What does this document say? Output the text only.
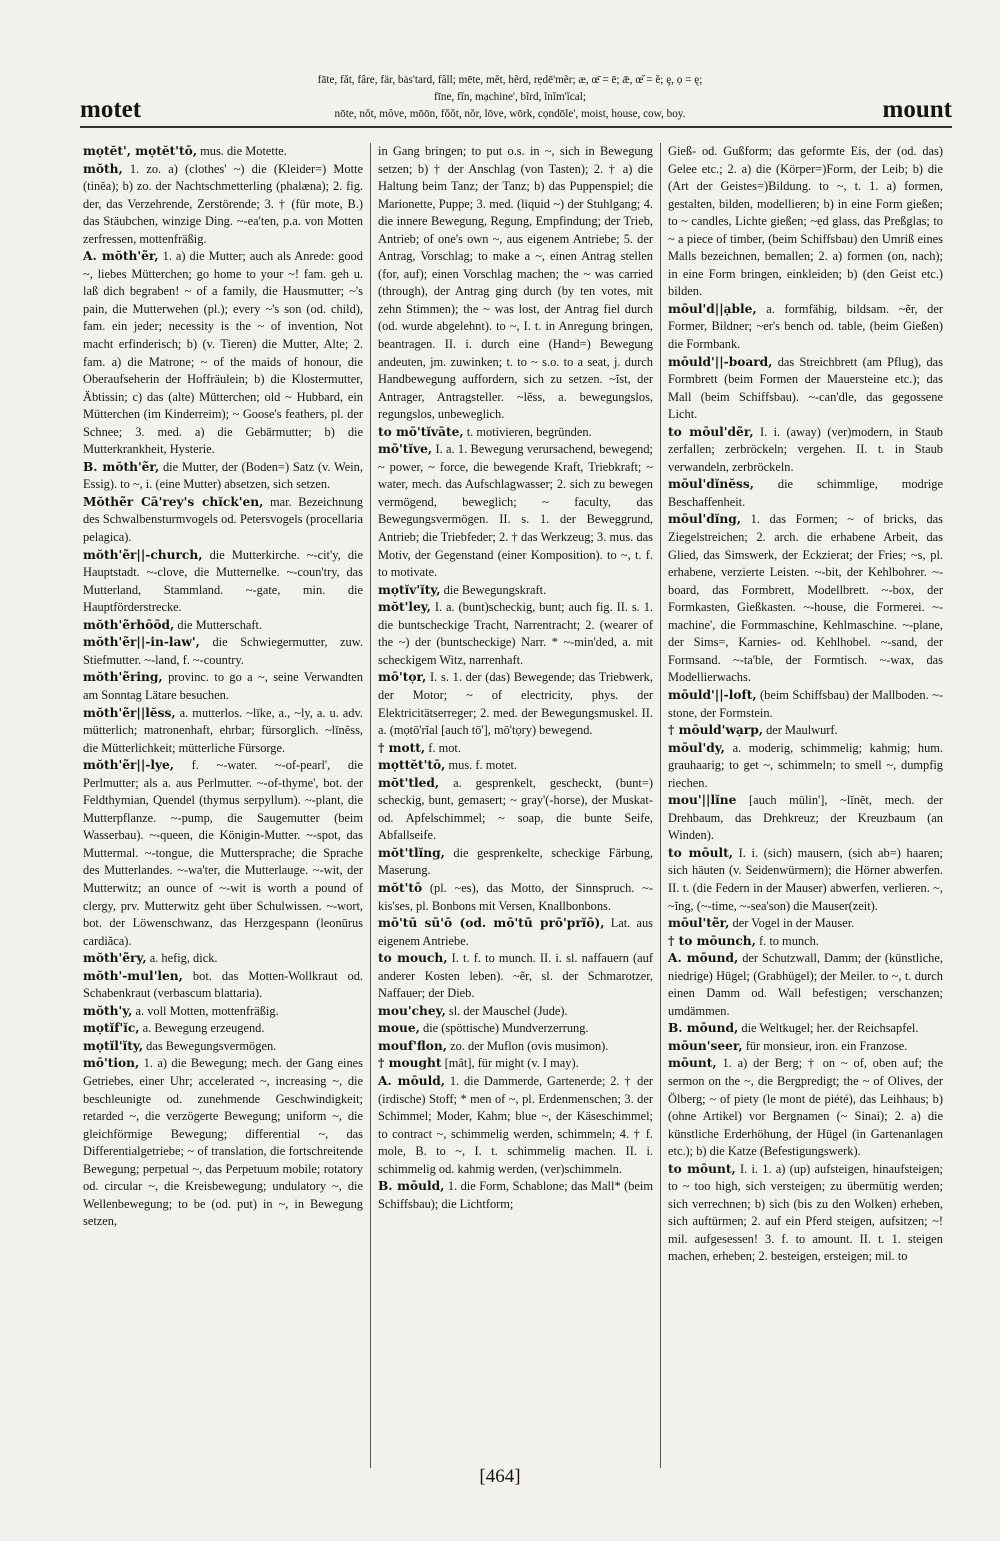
motet
fāte, făt, fâre, fär, bȧs'tard, fâll; mēte, mĕt, hẽrd, rẹdē'mẽr; æ, œ̄ = ē; ǣ, œ̆ = ĕ; ȩ, ọ = ę;
fīne, fĭn, mạchine', bĩrd, ĭnĭm'ĭcal;
nōte, nŏt, môve, mōōn, fŏŏt, nŏr, lōve, wōrk, cọndōle', moist, house, cow, boy.	mount

mọtĕt', mọtĕt'tō, mus. die Motette.

mŏth, 1. zo. a) (clothes' ~) die (Kleider=) Motte (tinĕa); b) zo. der Nachtschmetterling (phalæna); 2. fig. der, das Verzehrende, Zerstörende; 3. † (für mote, B.) das Stäubchen, winzige Ding. ~-ea'ten, p.a. von Motten zerfressen, mottenfräßig.

A. mŏth'ẽr, 1. a) die Mutter; auch als Anrede: good ~, liebes Mütterchen; go home to your ~! fam. geh u. laß dich begraben! ~ of a family, die Hausmutter; ~'s pain, die Mutterwehen (pl.); every ~'s son (od. child), fam. ein jeder; necessity is the ~ of invention, Not macht erfinderisch; b) (v. Tieren) die Mutter, Alte; 2. fam. a) die Matrone; ~ of the maids of honour, die Oberaufseherin der Hoffräulein; b) die Klostermutter, Äbtissin; c) das (alte) Mütterchen; old ~ Hubbard, ein Mütterchen (im Kinderreim); ~ Goose's feathers, pl. der Schnee; 3. med. a) die Gebärmutter; b) die Mutterkrankheit, Hysterie.

B. mŏth'ẽr, die Mutter, der (Boden=) Satz (v. Wein, Essig). to ~, i. (eine Mutter) absetzen, sich setzen.

Mŏthẽr Cā'rey's chĭck'en, mar. Bezeichnung des Schwalbensturmvogels od. Petersvogels (procellaria pelagica).

mŏth'ẽr||-church, die Mutterkirche. ~-cit'y, die Hauptstadt. ~-clove, die Mutternelke. ~-coun'try, das Mutterland, Stammland. ~-gate, min. die Hauptförderstrecke.

mŏth'ẽrhōōd, die Mutterschaft.

mŏth'ẽr||-in-law', die Schwiegermutter, zuw. Stiefmutter. ~-land, f. ~-country.

mŏth'ẽring, provinc. to go a ~, seine Verwandten am Sonntag Lätare besuchen.

mŏth'ẽr||lĕss, a. mutterlos. ~līke, a., ~ly, a. u. adv. mütterlich; matronenhaft, ehrbar; fürsorglich. ~līnĕss, die Mütterlichkeit; mütterliche Fürsorge.

mŏth'ẽr||-lye, f. ~-water. ~-of-pearl', die Perlmutter; als a. aus Perlmutter. ~-of-thyme', bot. der Feldthymian, Quendel (thymus serpyllum). ~-plant, die Mutterpflanze. ~-pump, die Saugemutter (beim Wasserbau). ~-queen, die Königin-Mutter. ~-spot, das Muttermal. ~-tongue, die Muttersprache; die Sprache des Mutterlandes. ~-wa'ter, die Mutterlauge. ~-wit, der Mutterwitz; an ounce of ~-wit is worth a pound of clergy, prv. Mutterwitz geht über Schulwissen. ~-wort, bot. der Löwenschwanz, das Herzgespann (leonūrus cardiăca).

mŏth'ẽry, a. hefig, dick.

mŏth'-mul'len, bot. das Motten-Wollkraut od. Schabenkraut (verbascum blattaria).

mŏth'y, a. voll Motten, mottenfräßig.

mọtĭf'ĭc, a. Bewegung erzeugend.

mọtĭl'ĭty, das Bewegungsvermögen.

mō'tion, 1. a) die Bewegung; mech. der Gang eines Getriebes, einer Uhr; accelerated ~, increasing ~, die beschleunigte od. zunehmende Geschwindigkeit; retarded ~, die verzögerte Bewegung; uniform ~, die gleichförmige Bewegung; differential ~, das Differentialgetriebe; ~ of translation, die fortschreitende Bewegung; perpetual ~, das Perpetuum mobile; rotatory od. circular ~, die Kreisbewegung; undulatory ~, die Wellenbewegung; to be (od. put) in ~, in Bewegung setzen,

in Gang bringen; to put o.s. in ~, sich in Bewegung setzen; b) † der Anschlag (von Tasten); 2. † a) die Haltung beim Tanz; der Tanz; b) das Puppenspiel; die Marionette, Puppe; 3. med. (liquid ~) der Stuhlgang; 4. die innere Bewegung, Regung, Empfindung; der Trieb, Antrieb; of one's own ~, aus eigenem Antriebe; 5. der Antrag, Vorschlag; to make a ~, einen Antrag stellen (for, auf); einen Vorschlag machen; the ~ was carried (through), der Antrag ging durch (by ten votes, mit zehn Stimmen); the ~ was lost, der Antrag fiel durch (od. wurde abgelehnt). to ~, I. t. in Anregung bringen, beantragen. II. i. durch eine (Hand=) Bewegung andeuten, jm. zuwinken; t. to ~ s.o. to a seat, j. durch Handbewegung auffordern, sich zu setzen. ~ĭst, der Antrager, Antragsteller. ~lĕss, a. bewegungslos, regungslos, unbeweglich.

to mō'tĭvāte, t. motivieren, begründen.

mō'tĭve, I. a. 1. Bewegung verursachend, bewegend; ~ power, ~ force, die bewegende Kraft, Triebkraft; ~ water, mech. das Aufschlagwasser; 2. sich zu bewegen vermögend, beweglich; ~ faculty, das Bewegungsvermögen. II. s. 1. der Beweggrund, Antrieb; die Triebfeder; 2. † das Werkzeug; 3. mus. das Motiv, der Gegenstand (einer Komposition). to ~, t. f. to motivate.

mọtĭv'ĭty, die Bewegungskraft.

mŏt'ley, I. a. (bunt)scheckig, bunt; auch fig. II. s. 1. die buntscheckige Tracht, Narrentracht; 2. (wearer of the ~) der (buntscheckige) Narr. * ~-min'ded, a. mit scheckigem Witz, narrenhaft.

mō'tọr, I. s. 1. der (das) Bewegende; das Triebwerk, der Motor; ~ of electricity, phys. der Elektricitätserreger; 2. med. der Bewegungsmuskel. II. a. (mọtō'rĭal [auch tō'], mō'tọry) bewegend.

† mott, f. mot.

mọttĕt'tō, mus. f. motet.

mŏt'tled, a. gesprenkelt, gescheckt, (bunt=) scheckig, bunt, gemasert; ~ gray'(-horse), der Muskat- od. Apfelschimmel; ~ soap, die bunte Seife, Abfallseife.

mŏt'tlĭng, die gesprenkelte, scheckige Färbung, Maserung.

mŏt'tō (pl. ~es), das Motto, der Sinnspruch. ~-kis'ses, pl. Bonbons mit Versen, Knallbonbons.

mō'tū sū'ō (od. mō'tū prō'prĭō), Lat. aus eigenem Antriebe.

to mouch, I. t. f. to munch. II. i. sl. naffauern (auf anderer Kosten leben). ~ẽr, sl. der Schmarotzer, Naffauer; der Dieb.

mou'chey, sl. der Mauschel (Jude).

moue, die (spöttische) Mundverzerrung.

mouf'flon, zo. der Muflon (ovis musimon).

† mought [mât], für might (v. I may).

A. mōuld, 1. die Dammerde, Gartenerde; 2. † der (irdische) Stoff; * men of ~, pl. Erdenmenschen; 3. der Schimmel; Moder, Kahm; blue ~, der Käseschimmel; to contract ~, schimmelig werden, schimmeln; 4. † f. mole, B. to ~, I. t. schimmelig machen. II. i. schimmelig od. kahmig werden, (ver)schimmeln.

B. mōuld, 1. die Form, Schablone; das Mall* (beim Schiffsbau); die Lichtform;

Gieß- od. Gußform; das geformte Eis, der (od. das) Gelee etc.; 2. a) die (Körper=)Form, der Leib; b) die (Art der Geistes=)Bildung. to ~, t. 1. a) formen, gestalten, bilden, modellieren; b) in eine Form gießen; to ~ candles, Lichte gießen; ~ẹd glass, das Preßglas; to ~ a piece of timber, (beim Schiffsbau) den Umriß eines Malls bezeichnen, bemallen; 2. a) formen (on, nach); in eine Form bringen, einkleiden; b) (den Geist etc.) bilden.

mōul'd||ạble, a. formfähig, bildsam. ~ẽr, der Former, Bildner; ~er's bench od. table, (beim Gießen) die Formbank.

mōuld'||-board, das Streichbrett (am Pflug), das Formbrett (beim Formen der Mauersteine etc.); das Mall (beim Schiffsbau). ~-can'dle, das gegossene Licht.

to mōul'dẽr, I. i. (away) (ver)modern, in Staub zerfallen; zerbröckeln; vergehen. II. t. in Staub verwandeln, zerbröckeln.

mōul'dĭnĕss, die schimmlige, modrige Beschaffenheit.

mōul'dĭng, 1. das Formen; ~ of bricks, das Ziegelstreichen; 2. arch. die erhabene Arbeit, das Glied, das Simswerk, der Eckzierat; der Fries; ~s, pl. erhabene, verzierte Leisten. ~-bit, der Kehlbohrer. ~-board, das Formbrett, Modellbrett. ~-box, der Formkasten, Gießkasten. ~-house, die Formerei. ~-machine', die Formmaschine, Kehlmaschine. ~-plane, der Sims=, Karnies- od. Kehlhobel. ~-sand, der Formsand. ~-ta'ble, der Formtisch. ~-wax, das Modellierwachs.

mōuld'||-loft, (beim Schiffsbau) der Mallboden. ~-stone, der Formstein.

† mōuld'wạrp, der Maulwurf.

mōul'dy, a. moderig, schimmelig; kahmig; hum. grauhaarig; to get ~, schimmeln; to smell ~, dumpfig riechen.

mou'||lĭne [auch mūlin'], ~lĭnĕt, mech. der Drehbaum, das Drehkreuz; der Kreuzbaum (an Winden).

to mōult, I. i. (sich) mausern, (sich ab=) haaren; sich häuten (v. Seidenwürmern); die Hörner abwerfen. II. t. (die Federn in der Mauser) abwerfen, verlieren. ~, ~ĭng, (~-time, ~-sea'son) die Mauser(zeit).

mōul'tẽr, der Vogel in der Mauser.

† to mōunch, f. to munch.

A. mōund, der Schutzwall, Damm; der (künstliche, niedrige) Hügel; (Grabhügel); der Meiler. to ~, t. durch einen Damm od. Wall befestigen; verschanzen; umdämmen.

B. mōund, die Weltkugel; her. der Reichsapfel.

mōun'seer, für monsieur, iron. ein Franzose.

mōunt, 1. a) der Berg; † on ~ of, oben auf; the sermon on the ~, die Bergpredigt; the ~ of Olives, der Ölberg; ~ of piety (le mont de piété), das Leihhaus; b) (ohne Artikel) vor Bergnamen (~ Sinai); 2. a) die künstliche Erderhöhung, der Hügel (in Gartenanlagen etc.); b) die Katze (Befestigungswerk).

to mōunt, I. i. 1. a) (up) aufsteigen, hinaufsteigen; to ~ too high, sich versteigen; zu übermütig werden; sich verrechnen; b) sich (bis zu den Wolken) erheben, sich auftürmen; 2. auf ein Pferd steigen, aufsitzen; ~! mil. aufgesessen! 3. f. to amount. II. t. 1. steigen machen, erheben; 2. besteigen, ersteigen; mil. to

[464]
